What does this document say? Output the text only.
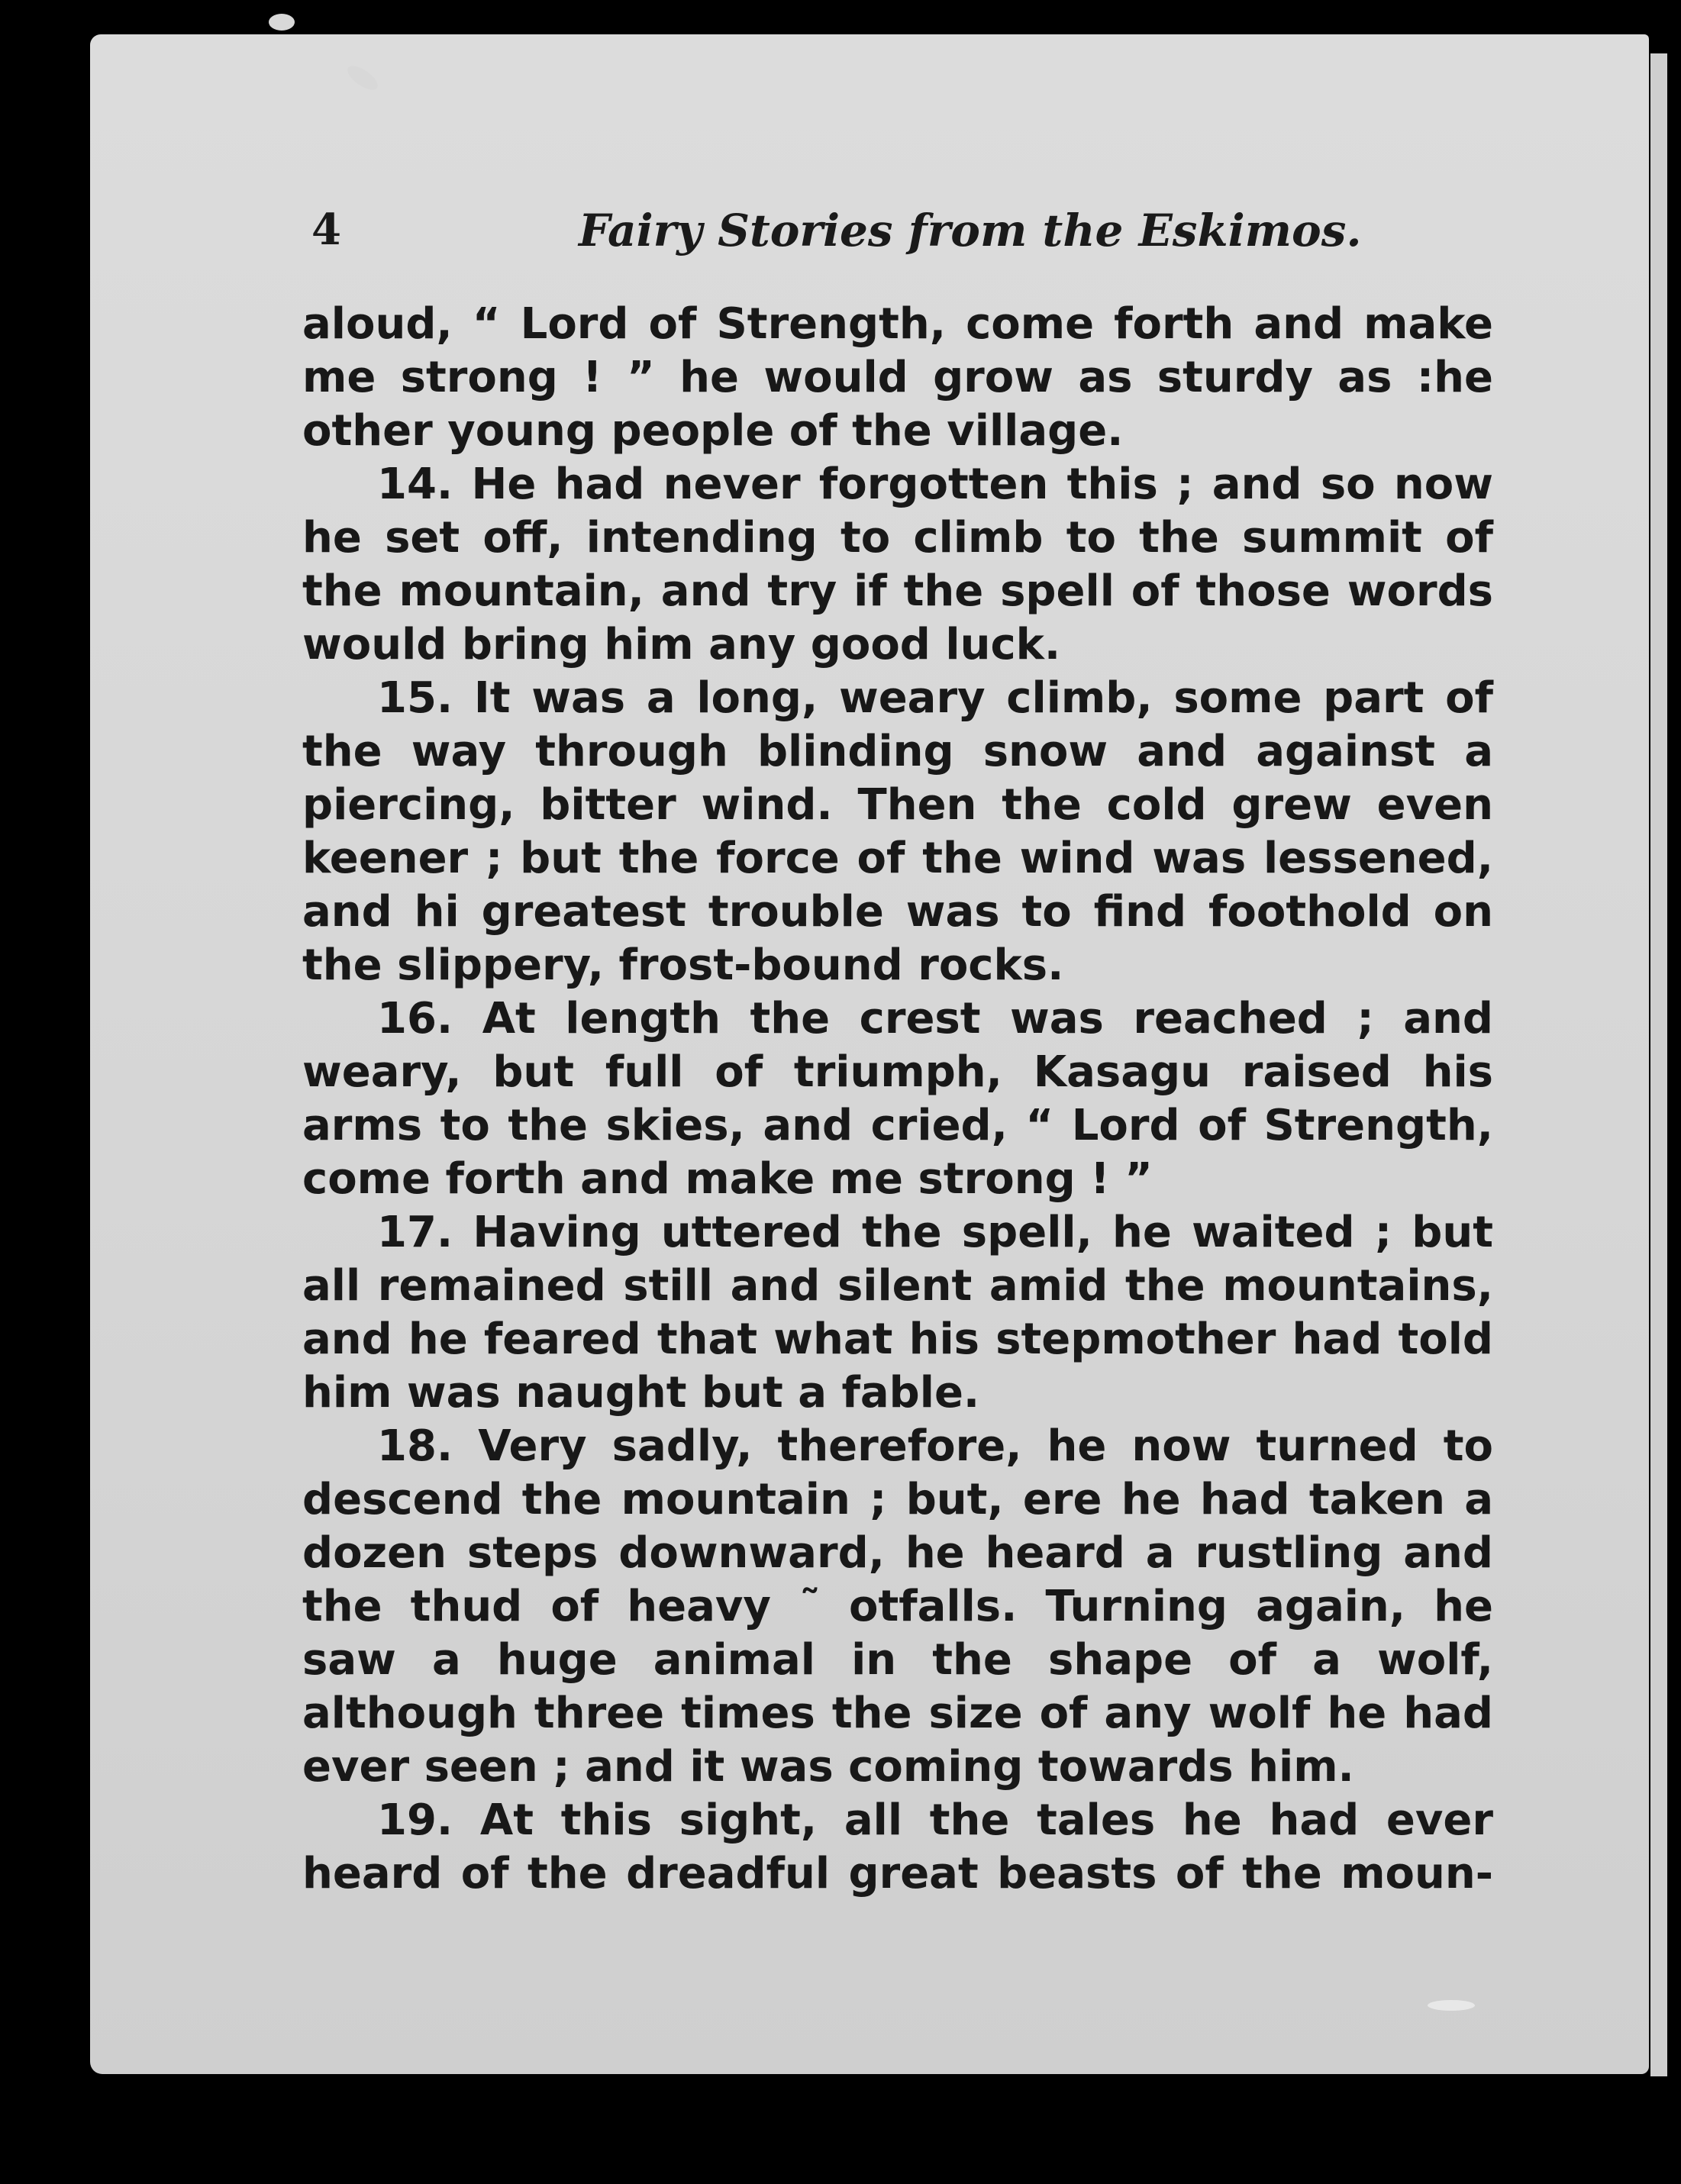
4	Fairy Stories from the Eskimos.
aloud, “ Lord of Strength, come forth and make
me strong ! ” he would grow as sturdy as :he
other young people of the village.
14. He had never forgotten this ; and so now
he set off, intending to climb to the summit of
the mountain, and try if the spell of those words
would bring him any good luck.
15. It was a long, weary climb, some part of
the way through blinding snow and against a
piercing, bitter wind. Then the cold grew even
keener ; but the force of the wind was lessened,
and hi greatest trouble was to find foothold on
the slippery, frost-bound rocks.
16. At length the crest was reached ; and
weary, but full of triumph, Kasagu raised his
arms to the skies, and cried, “ Lord of Strength,
come forth and make me strong ! ”
17. Having uttered the spell, he waited ; but
all remained still and silent amid the mountains,
and he feared that what his stepmother had told
him was naught but a fable.
18. Very sadly, therefore, he now turned to
descend the mountain ; but, ere he had taken a
dozen steps downward, he heard a rustling and
the thud of heavy ˜ otfalls. Turning again, he
saw a huge animal in the shape of a wolf,
although three times the size of any wolf he had
ever seen ; and it was coming towards him.
19. At this sight, all the tales he had ever
heard of the dreadful great beasts of the moun-
